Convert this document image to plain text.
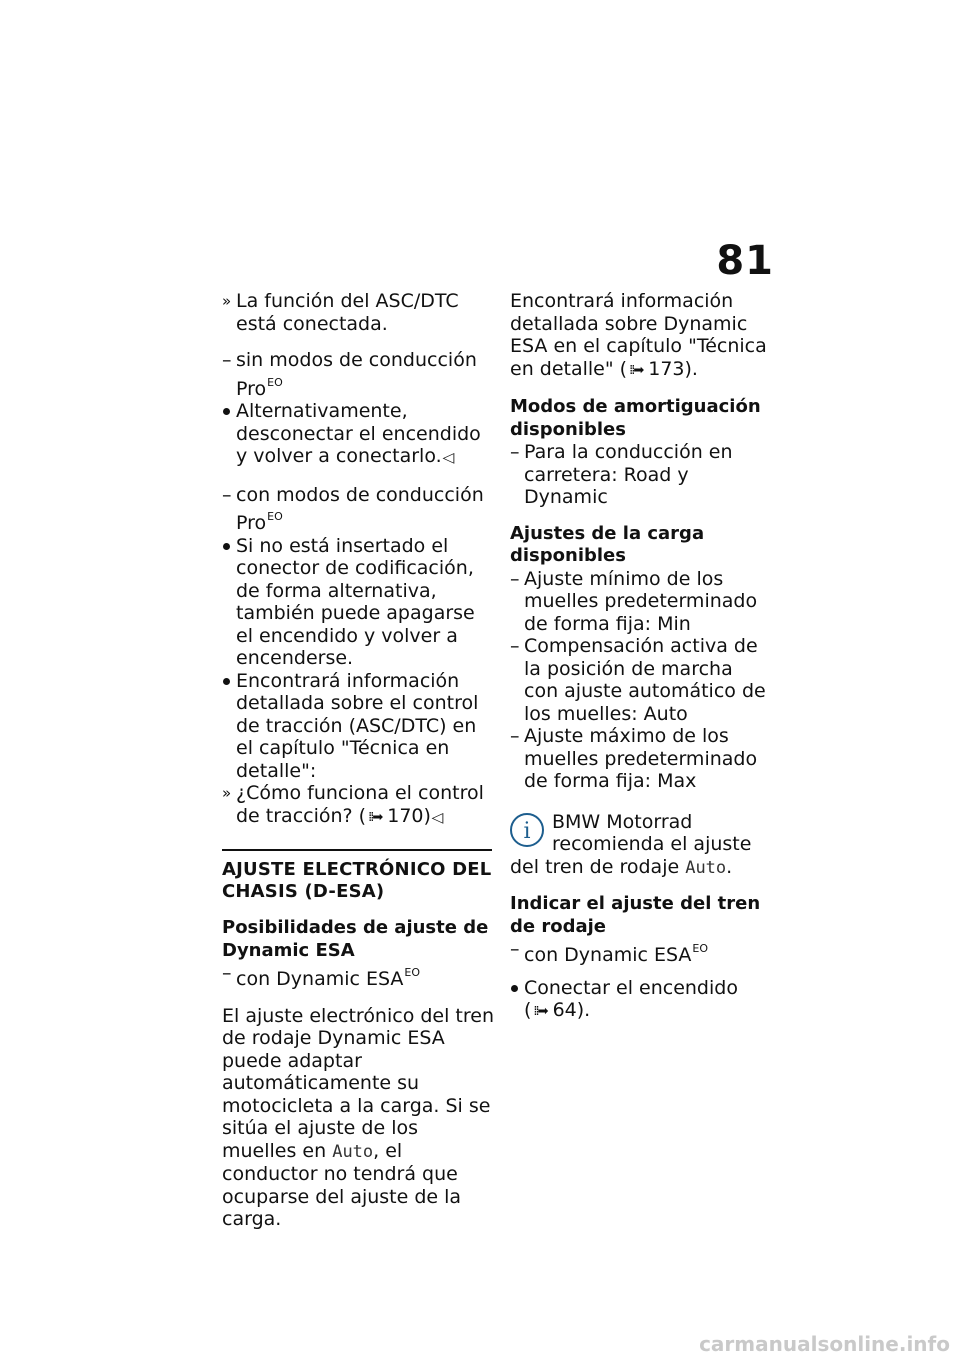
81
» La función del ASC/DTC está conectada.
– sin modos de conducción Pro$^{EO}$
Alternativamente, desconectar el encendido y volver a conectarlo.◁
– con modos de conducción Pro$^{EO}$
Si no está insertado el conector de codificación, de forma alternativa, también puede apagarse el encendido y volver a encenderse.
Encontrará información detallada sobre el control de tracción (ASC/DTC) en el capítulo "Técnica en detalle":
» ¿Cómo funciona el control de tracción? ( ⁞⁞➡ 170)◁
AJUSTE ELECTRÓNICO DEL CHASIS (D-ESA)
Posibilidades de ajuste de Dynamic ESA
– con Dynamic $ESA^{EO}$
El ajuste electrónico del tren de rodaje Dynamic ESA puede adaptar automáticamente su motocicleta a la carga. Si se sitúa el ajuste de los muelles en Auto, el conductor no tendrá que ocuparse del ajuste de la carga.
Encontrará información detallada sobre Dynamic ESA en el capítulo "Técnica en detalle" ( ⁞⁞➡ 173).
Modos de amortiguación disponibles
– Para la conducción en carretera: Road y Dynamic
Ajustes de la carga disponibles
– Ajuste mínimo de los muelles predeterminado de forma fija: Min
– Compensación activa de la posición de marcha con ajuste automático de los muelles: Auto
– Ajuste máximo de los muelles predeterminado de forma fija: Max
i	BMW Motorrad recomienda el ajuste del tren de rodaje Auto.
Indicar el ajuste del tren de rodaje
– con Dynamic $ESA^{EO}$
Conectar el encendido
( ⁞⁞➡ 64).
carmanualsonline.info
